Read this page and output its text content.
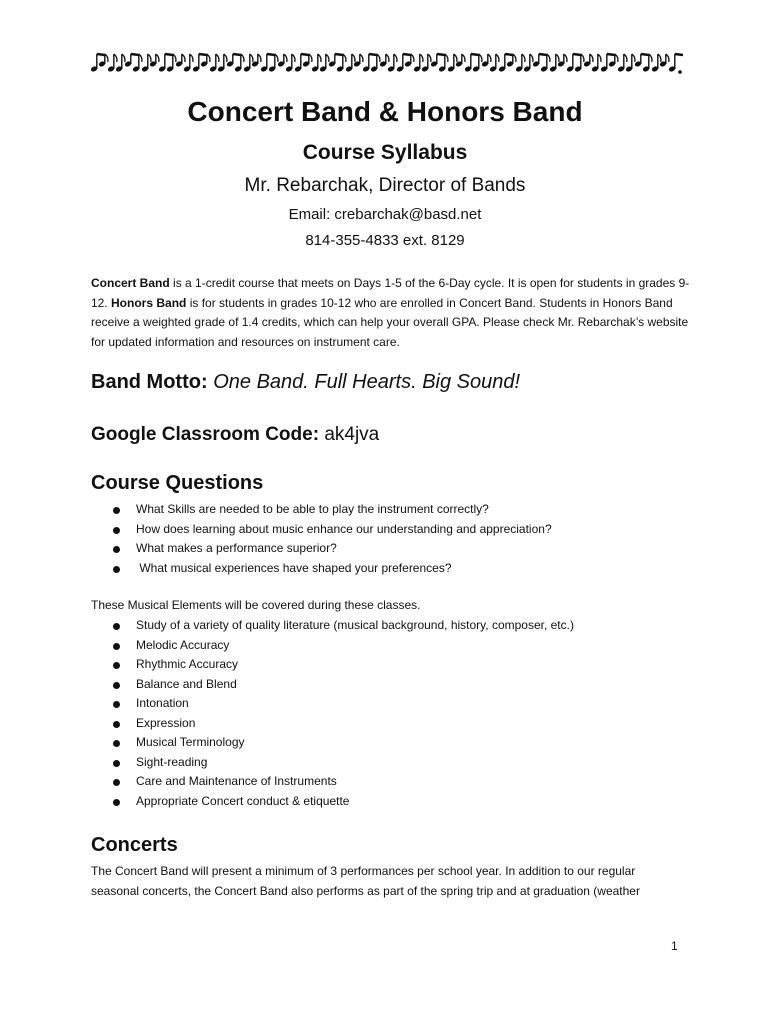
Concert Band & Honors Band
Course Syllabus
Mr. Rebarchak, Director of Bands
Email: crebarchak@basd.net
814-355-4833 ext. 8129
Concert Band is a 1-credit course that meets on Days 1-5 of the 6-Day cycle. It is open for students in grades 9-12. Honors Band is for students in grades 10-12 who are enrolled in Concert Band. Students in Honors Band receive a weighted grade of 1.4 credits, which can help your overall GPA. Please check Mr. Rebarchak’s website for updated information and resources on instrument care.
Band Motto: One Band. Full Hearts. Big Sound!
Google Classroom Code: ak4jva
Course Questions
What Skills are needed to be able to play the instrument correctly?
How does learning about music enhance our understanding and appreciation?
What makes a performance superior?
What musical experiences have shaped your preferences?
These Musical Elements will be covered during these classes.
Study of a variety of quality literature (musical background, history, composer, etc.)
Melodic Accuracy
Rhythmic Accuracy
Balance and Blend
Intonation
Expression
Musical Terminology
Sight-reading
Care and Maintenance of Instruments
Appropriate Concert conduct & etiquette
Concerts
The Concert Band will present a minimum of 3 performances per school year. In addition to our regular
seasonal concerts, the Concert Band also performs as part of the spring trip and at graduation (weather
1
